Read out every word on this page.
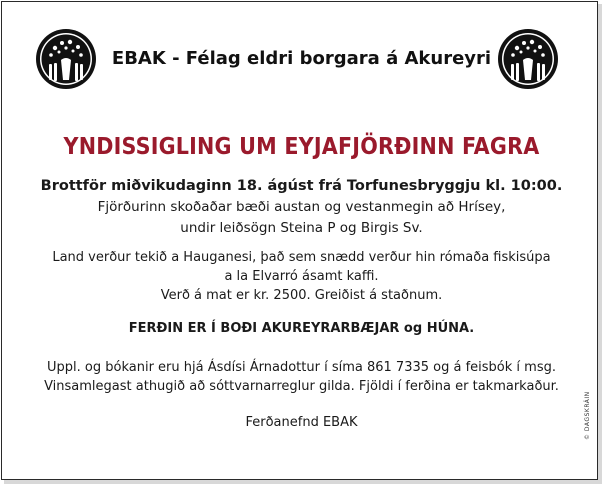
EBAK - Félag eldri borgara á Akureyri
YNDISSIGLING UM EYJAFJÖRÐINN FAGRA
Brottför miðvikudaginn 18. ágúst frá Torfunesbryggju kl. 10:00.
Fjörðurinn skoðaðar bæði austan og vestanmegin að Hrísey,
undir leiðsögn Steina P og Birgis Sv.
Land verður tekið a Hauganesi, það sem snædd verður hin rómaða fiskisúpa
a la Elvarró ásamt kaffi.
Verð á mat er kr. 2500. Greiðist á staðnum.
FERÐIN ER Í BOÐI AKUREYRARBÆJAR og HÚNA.
Uppl. og bókanir eru hjá Ásdísi Árnadottur í síma 861 7335 og á feisbók í msg.
Vinsamlegast athugið að sóttvarnarreglur gilda. Fjöldi í ferðina er takmarkaður.
Ferðanefnd EBAK	© DAGSKRÁIN
